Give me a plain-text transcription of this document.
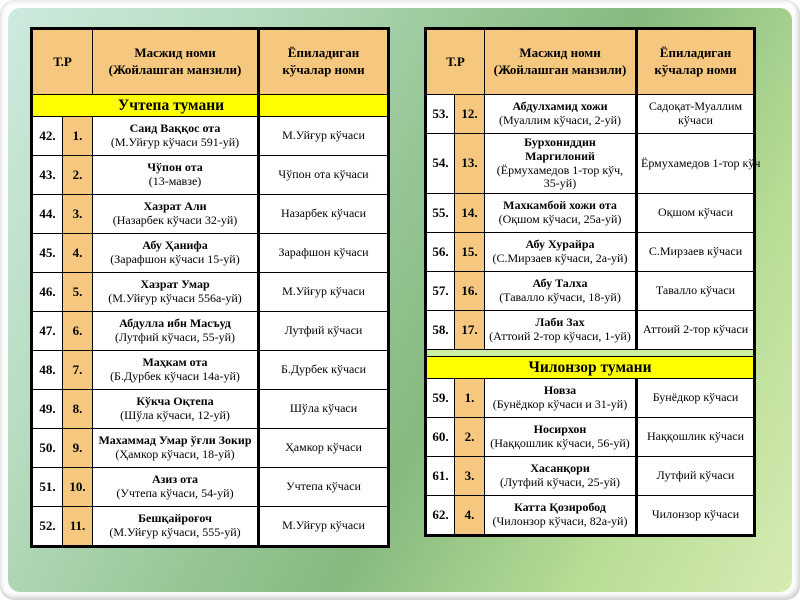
Т.Р		Масжид номи
(Жойлашган манзили)	Ёпиладиган кўчалар номи
Учтепа тумани			
42.	1.	Саид Ваққос ота
(М.Уйғур кўчаси 591-уй)	М.Уйғур кўчаси
43.	2.	Чўпон ота
(13-мавзе)	Чўпон ота кўчаси
44.	3.	Хазрат Али
(Назарбек кўчаси 32-уй)	Назарбек кўчаси
45.	4.	Абу Ҳанифа
(Зарафшон кўчаси 15-уй)	Зарафшон кўчаси
46.	5.	Хазрат Умар
(М.Уйғур кўчаси 556а-уй)	М.Уйғур кўчаси
47.	6.	Абдулла ибн Масъуд
(Лутфий кўчаси, 55-уй)	Лутфий кўчаси
48.	7.	Маҳкам ота
(Б.Дурбек кўчаси 14а-уй)	Б.Дурбек кўчаси
49.	8.	Кўкча Оқтепа
(Шўла кўчаси, 12-уй)	Шўла кўчаси
50.	9.	Махаммад Умар ўғли Зокир
(Ҳамкор кўчаси, 18-уй)	Ҳамкор кўчаси
51.	10.	Азиз ота
(Учтепа кўчаси, 54-уй)	Учтепа кўчаси
52.	11.	Бешқайроғоч
(М.Уйғур кўчаси, 555-уй)	М.Уйғур кўчаси
Т.Р		Масжид номи
(Жойлашган манзили)	Ёпиладиган кўчалар номи
53.	12.	Абдулхамид хожи
(Муаллим кўчаси, 2-уй)	Садоқат-Муаллим кўчаси
54.	13.	Бурхониддин Маргилоний
(Ёрмухамедов 1-тор кўч, 35-уй)	Ёрмухамедов 1-тор кўч
55.	14.	Махкамбой хожи ота
(Оқшом кўчаси, 25а-уй)	Оқшом кўчаси
56.	15.	Абу Хурайра
(С.Мирзаев кўчаси, 2а-уй)	С.Мирзаев кўчаси
57.	16.	Абу Талха
(Тавалло кўчаси, 18-уй)	Тавалло кўчаси
58.	17.	Лаби Зах
(Аттоий 2-тор кўчаси, 1-уй)	Аттоий 2-тор кўчаси

Чилонзор тумани			
59.	1.	Новза
(Бунёдкор кўчаси и 31-уй)	Бунёдкор кўчаси
60.	2.	Носирхон
(Наққошлик кўчаси, 56-уй)	Наққошлик кўчаси
61.	3.	Хасанқори
(Лутфий кўчаси, 25-уй)	Лутфий кўчаси
62.	4.	Катта Қозиробод
(Чилонзор кўчаси, 82а-уй)	Чилонзор кўчаси
